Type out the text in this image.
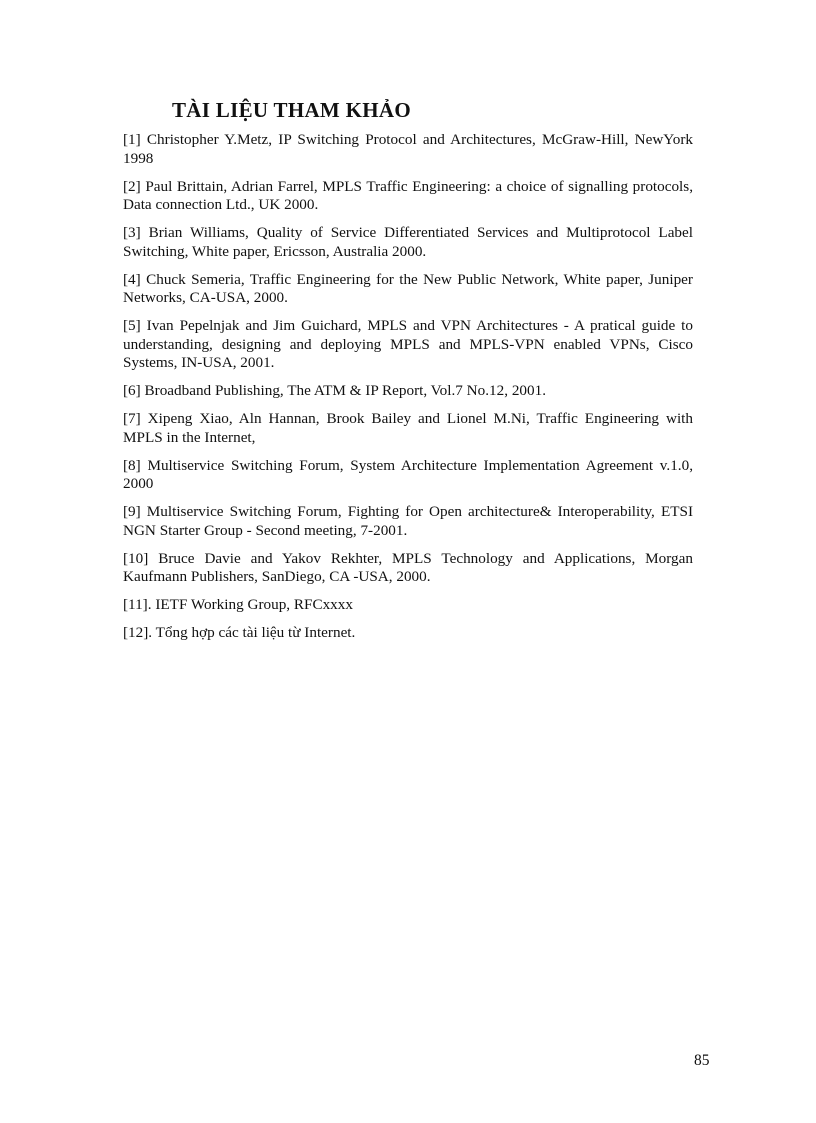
TÀI LIỆU THAM KHẢO
[1] Christopher Y.Metz, IP Switching Protocol and Architectures, McGraw-Hill, NewYork 1998
[2] Paul Brittain, Adrian Farrel, MPLS Traffic Engineering: a choice of signalling protocols, Data connection Ltd., UK 2000.
[3] Brian Williams, Quality of Service Differentiated Services and Multiprotocol Label Switching, White paper, Ericsson, Australia 2000.
[4] Chuck Semeria, Traffic Engineering for the New Public Network, White paper, Juniper Networks, CA-USA, 2000.
[5] Ivan Pepelnjak and Jim Guichard, MPLS and VPN Architectures - A pratical guide to understanding, designing and deploying MPLS and MPLS-VPN enabled VPNs, Cisco Systems, IN-USA, 2001.
[6] Broadband Publishing, The ATM & IP Report, Vol.7 No.12, 2001.
[7] Xipeng Xiao, Aln Hannan, Brook Bailey and Lionel M.Ni, Traffic Engineering with MPLS in the Internet,
[8] Multiservice Switching Forum, System Architecture Implementation Agreement v.1.0, 2000
[9] Multiservice Switching Forum, Fighting for Open architecture& Interoperability, ETSI NGN Starter Group - Second meeting, 7-2001.
[10] Bruce Davie and Yakov Rekhter, MPLS Technology and Applications, Morgan Kaufmann Publishers, SanDiego, CA -USA, 2000.
[11]. IETF Working Group, RFCxxxx
[12]. Tổng hợp các tài liệu từ Internet.
85
